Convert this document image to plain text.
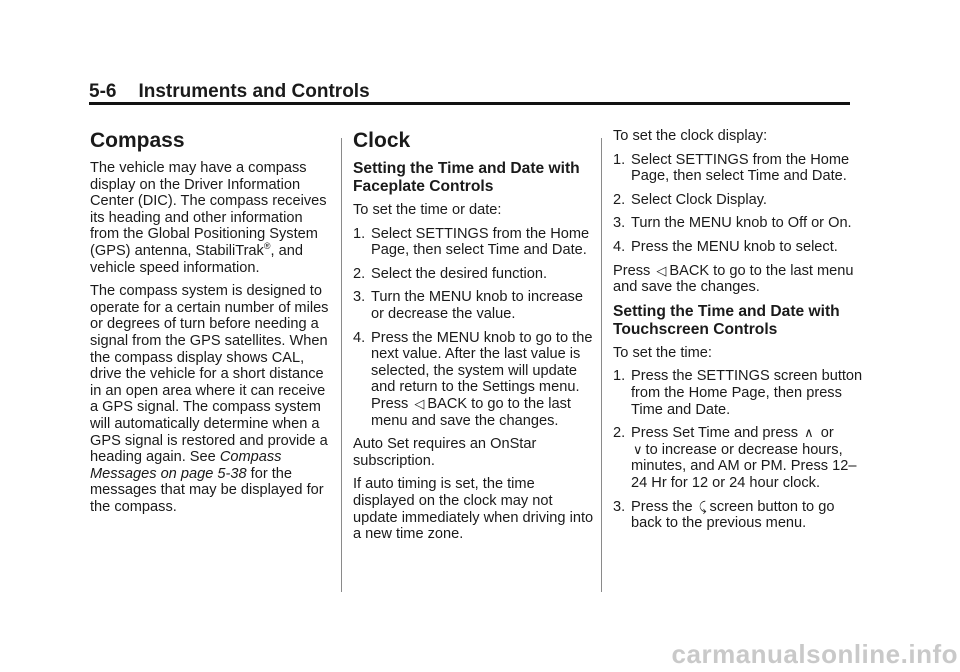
5-6 Instruments and Controls
Compass

The vehicle may have a compass display on the Driver Information Center (DIC). The compass receives its heading and other information from the Global Positioning System (GPS) antenna, StabiliTrak®, and vehicle speed information.

The compass system is designed to operate for a certain number of miles or degrees of turn before needing a signal from the GPS satellites. When the compass display shows CAL, drive the vehicle for a short distance in an open area where it can receive a GPS signal. The compass system will automatically determine when a GPS signal is restored and provide a heading again. See Compass Messages on page 5-38 for the messages that may be displayed for the compass.

Clock
Setting the Time and Date with Faceplate Controls

To set the time or date:

1. Select SETTINGS from the Home Page, then select Time and Date.
2. Select the desired function.
3. Turn the MENU knob to increase or decrease the value.
4. Press the MENU knob to go to the next value. After the last value is selected, the system will update and return to the Settings menu. Press ◁ BACK to go to the last menu and save the changes.

Auto Set requires an OnStar subscription.

If auto timing is set, the time displayed on the clock may not update immediately when driving into a new time zone.

To set the clock display:

1. Select SETTINGS from the Home Page, then select Time and Date.
2. Select Clock Display.
3. Turn the MENU knob to Off or On.
4. Press the MENU knob to select.

Press ◁ BACK to go to the last menu and save the changes.

Setting the Time and Date with Touchscreen Controls

To set the time:

1. Press the SETTINGS screen button from the Home Page, then press Time and Date.
2. Press Set Time and press ∧ or
∨ to increase or decrease hours, minutes, and AM or PM. Press 12–24 Hr for 12 or 24 hour clock.
3. Press the ⤹ screen button to go back to the previous menu.
carmanualsonline.info
